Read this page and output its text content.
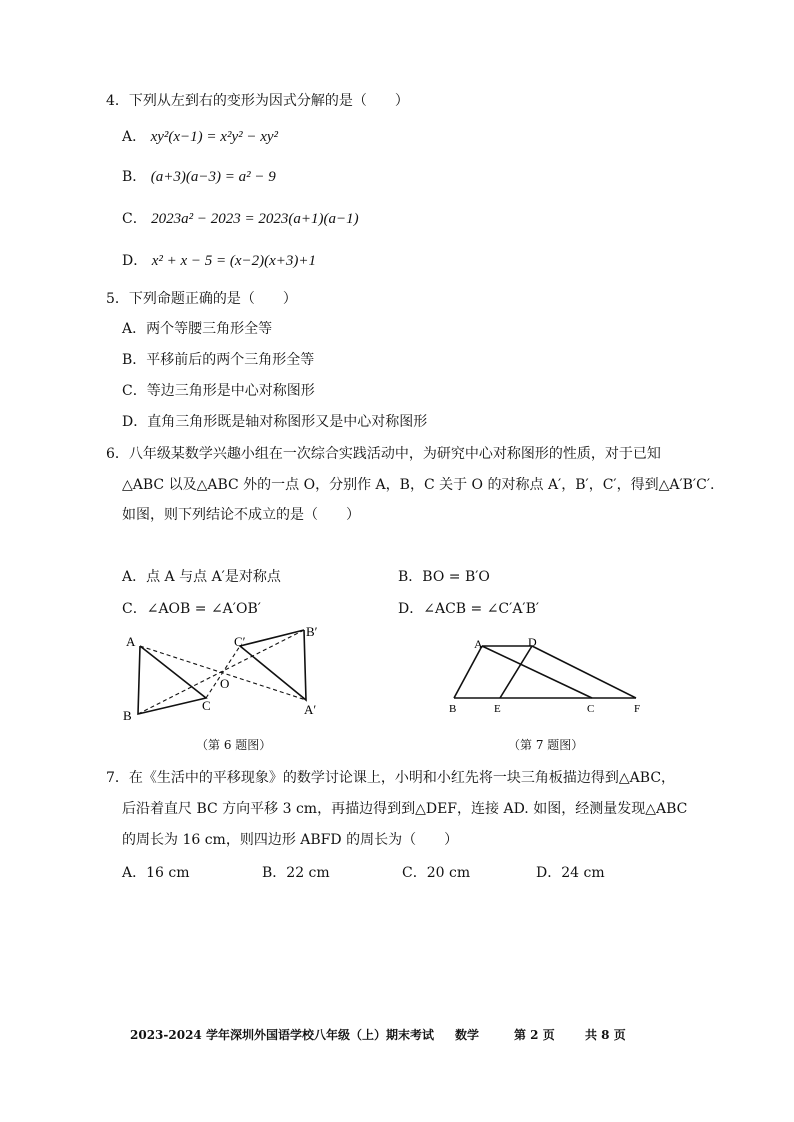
4．下列从左到右的变形为因式分解的是（　　）
A． xy²(x−1) = x²y² − xy²
B． (a+3)(a−3) = a² − 9
C． 2023a² − 2023 = 2023(a+1)(a−1)
D． x² + x − 5 = (x−2)(x+3)+1
5．下列命题正确的是（　　）
A．两个等腰三角形全等
B．平移前后的两个三角形全等
C．等边三角形是中心对称图形
D．直角三角形既是轴对称图形又是中心对称图形
6．八年级某数学兴趣小组在一次综合实践活动中，为研究中心对称图形的性质，对于已知
△ABC 以及△ABC 外的一点 O，分别作 A，B，C 关于 O 的对称点 A′，B′，C′，得到△A′B′C′.
如图，则下列结论不成立的是（　　）
A．点 A 与点 A′是对称点	B．BO = B′O
C．∠AOB = ∠A′OB′	D．∠ACB = ∠C′A′B′
A
B
C
O
A′
B′
C′	A	D
B	E	C	F
（第 6 题图）	（第 7 题图）
7．在《生活中的平移现象》的数学讨论课上，小明和小红先将一块三角板描边得到△ABC，
后沿着直尺 BC 方向平移 3 cm，再描边得到到△DEF，连接 AD. 如图，经测量发现△ABC
的周长为 16 cm，则四边形 ABFD 的周长为（　　）
A．16 cm	B．22 cm	C．20 cm	D．24 cm
2023-2024 学年深圳外国语学校八年级（上）期末考试 数学	第 2 页	共 8 页
